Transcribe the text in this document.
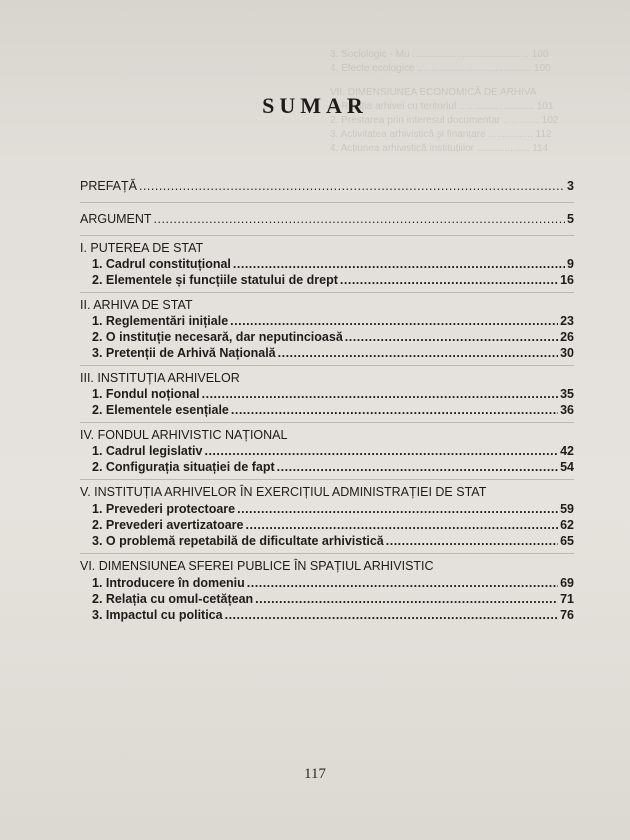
3. Sociologic - Mu .......................................... 100
4. Efecte ecologice ......................................... 100
VII. DIMENSIUNEA ECONOMICĂ DE ARHIVA
1. Relația arhivei cu teritoriul ........................... 101
2. Prestarea prin interesul documentar ............. 102
3. Activitatea arhivistică și finanțare ................ 112
4. Acțiunea arhivistică instituțiilor ................... 114
SUMAR
PREFAȚĂ .....	3
ARGUMENT .....	5
I. PUTEREA DE STAT
1. Cadrul constituțional .....	9
2. Elementele și funcțiile statului de drept .....	16
II. ARHIVA DE STAT
1. Reglementări inițiale .....	23
2. O instituție necesară, dar neputincioasă .....	26
3. Pretenții de Arhivă Națională .....	30
III. INSTITUȚIA ARHIVELOR
1. Fondul noțional .....	35
2. Elementele esențiale .....	36
IV. FONDUL ARHIVISTIC NAȚIONAL
1. Cadrul legislativ .....	42
2. Configurația situației de fapt .....	54
V. INSTITUȚIA ARHIVELOR ÎN EXERCIȚIUL ADMINISTRAȚIEI DE STAT
1. Prevederi protectoare .....	59
2. Prevederi avertizatoare .....	62
3. O problemă repetabilă de dificultate arhivistică .....	65
VI. DIMENSIUNEA SFEREI PUBLICE ÎN SPAȚIUL ARHIVISTIC
1. Introducere în domeniu .....	69
2. Relația cu omul-cetățean .....	71
3. Impactul cu politica .....	76
117
